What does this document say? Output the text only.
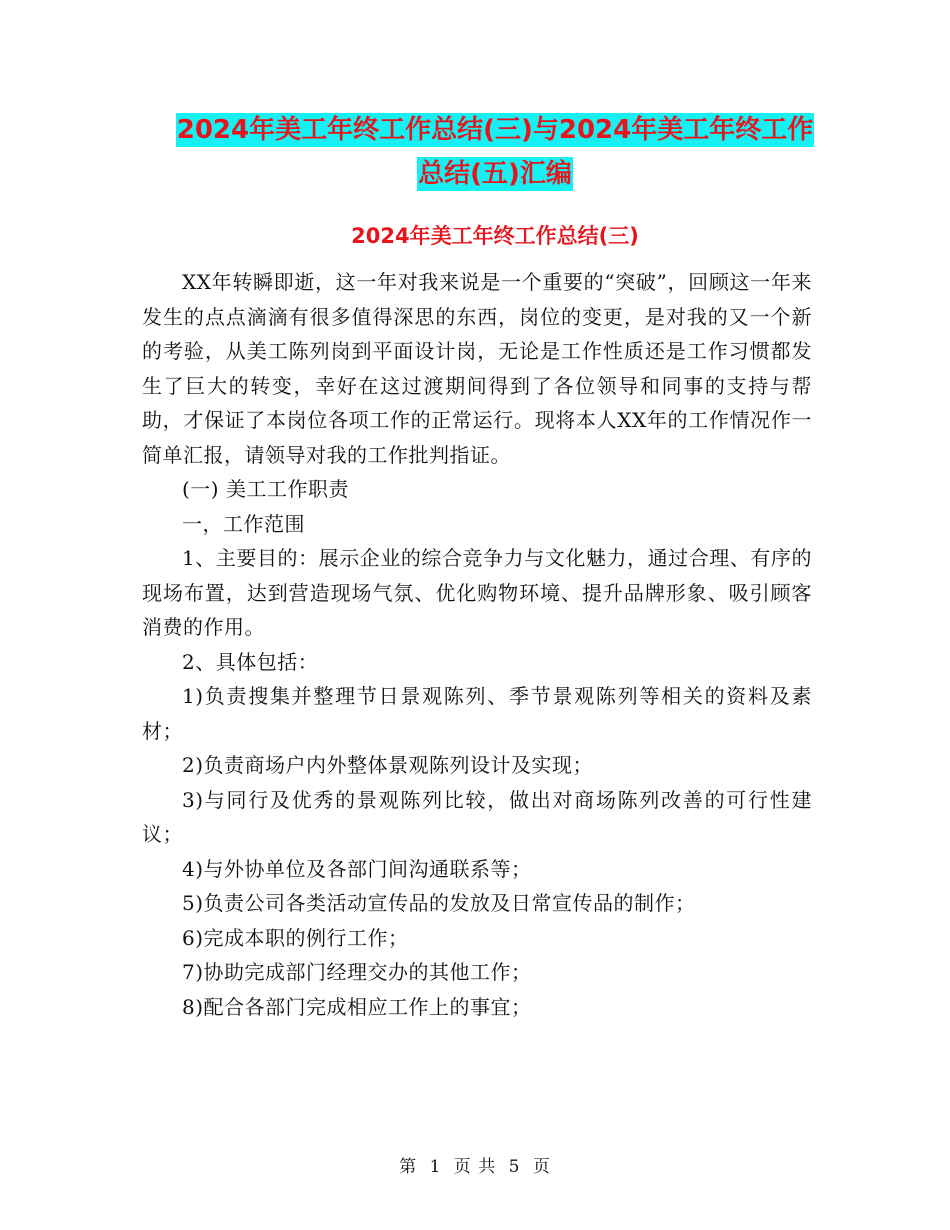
2024年美工年终工作总结(三)与2024年美工年终工作
总结(五)汇编
2024年美工年终工作总结(三)

XX年转瞬即逝，这一年对我来说是一个重要的“突破”，回顾这一年来发生的点点滴滴有很多值得深思的东西，岗位的变更，是对我的又一个新的考验，从美工陈列岗到平面设计岗，无论是工作性质还是工作习惯都发生了巨大的转变，幸好在这过渡期间得到了各位领导和同事的支持与帮助，才保证了本岗位各项工作的正常运行。现将本人XX年的工作情况作一简单汇报，请领导对我的工作批判指证。

(一) 美工工作职责

一，工作范围

1、主要目的：展示企业的综合竞争力与文化魅力，通过合理、有序的现场布置，达到营造现场气氛、优化购物环境、提升品牌形象、吸引顾客消费的作用。

2、具体包括：

1)负责搜集并整理节日景观陈列、季节景观陈列等相关的资料及素材；

2)负责商场户内外整体景观陈列设计及实现；

3)与同行及优秀的景观陈列比较，做出对商场陈列改善的可行性建议；

4)与外协单位及各部门间沟通联系等；

5)负责公司各类活动宣传品的发放及日常宣传品的制作；

6)完成本职的例行工作；

7)协助完成部门经理交办的其他工作；

8)配合各部门完成相应工作上的事宜；

第 1 页 共 5 页
